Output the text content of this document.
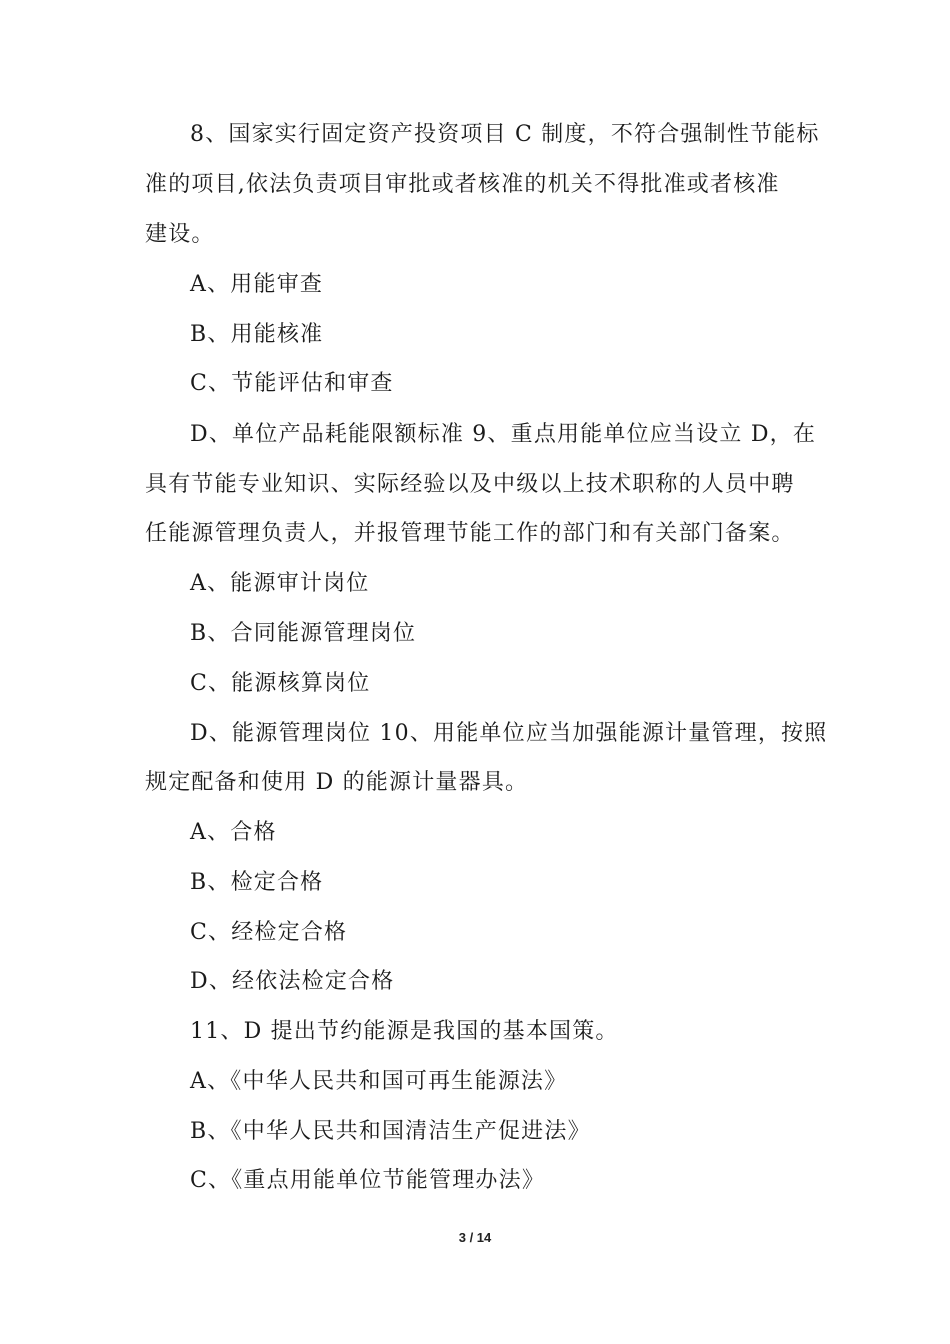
8、国家实行固定资产投资项目 C 制度，不符合强制性节能标
准的项目,依法负责项目审批或者核准的机关不得批准或者核准
建设。
A、用能审查
B、用能核准
C、节能评估和审查
D、单位产品耗能限额标准 9、重点用能单位应当设立 D，在
具有节能专业知识、实际经验以及中级以上技术职称的人员中聘
任能源管理负责人，并报管理节能工作的部门和有关部门备案。
A、能源审计岗位
B、合同能源管理岗位
C、能源核算岗位
D、能源管理岗位 10、用能单位应当加强能源计量管理，按照
规定配备和使用 D 的能源计量器具。
A、合格
B、检定合格
C、经检定合格
D、经依法检定合格
11、D 提出节约能源是我国的基本国策。
A、《中华人民共和国可再生能源法》
B、《中华人民共和国清洁生产促进法》
C、《重点用能单位节能管理办法》
3 / 14
